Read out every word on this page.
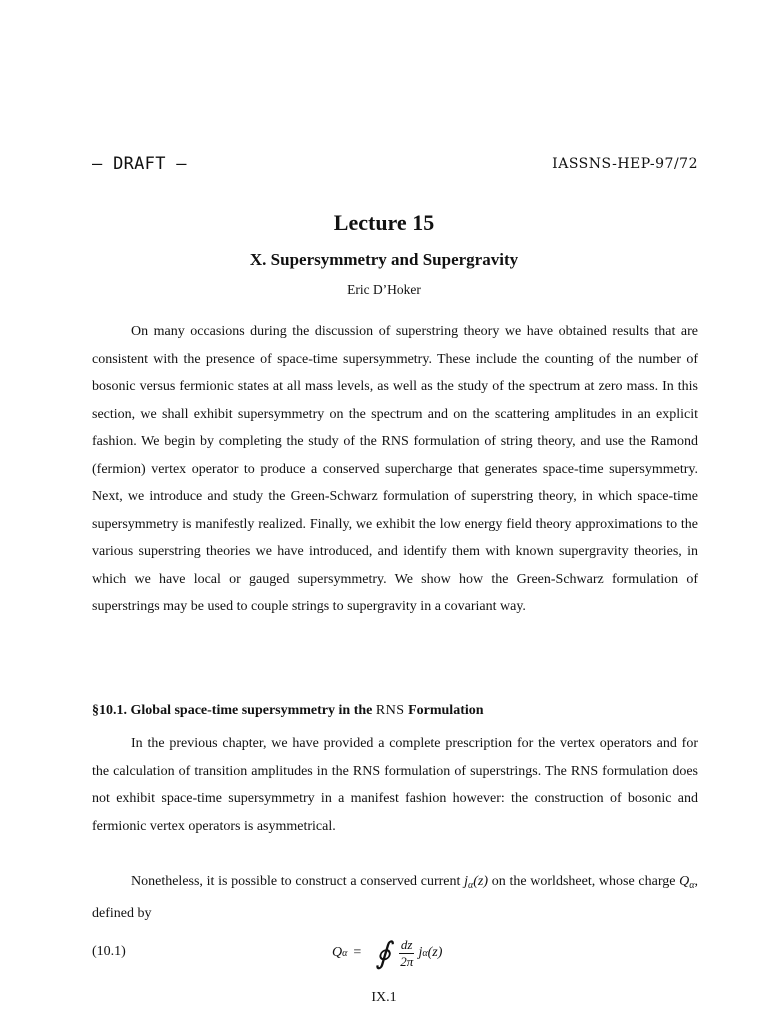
— DRAFT —	IASSNS-HEP-97/72
Lecture 15
X. Supersymmetry and Supergravity
Eric D’Hoker

On many occasions during the discussion of superstring theory we have obtained results that are consistent with the presence of space-time supersymmetry. These include the counting of the number of bosonic versus fermionic states at all mass levels, as well as the study of the spectrum at zero mass. In this section, we shall exhibit supersymmetry on the spectrum and on the scattering amplitudes in an explicit fashion. We begin by completing the study of the RNS formulation of string theory, and use the Ramond (fermion) vertex operator to produce a conserved supercharge that generates space-time supersymmetry. Next, we introduce and study the Green-Schwarz formulation of superstring theory, in which space-time supersymmetry is manifestly realized. Finally, we exhibit the low energy field theory approximations to the various superstring theories we have introduced, and identify them with known supergravity theories, in which we have local or gauged supersymmetry. We show how the Green-Schwarz formulation of superstrings may be used to couple strings to supergravity in a covariant way.

§10.1. Global space-time supersymmetry in the RNS Formulation

In the previous chapter, we have provided a complete prescription for the vertex operators and for the calculation of transition amplitudes in the RNS formulation of superstrings. The RNS formulation does not exhibit space-time supersymmetry in a manifest fashion however: the construction of bosonic and fermionic vertex operators is asymmetrical.

Nonetheless, it is possible to construct a conserved current $j_\alpha(z)$ on the worldsheet, whose charge $Q_\alpha$, defined by

(10.1)	Q α = ∮ $\frac{dz}{2\pi}$ j α (z)
IX.1
